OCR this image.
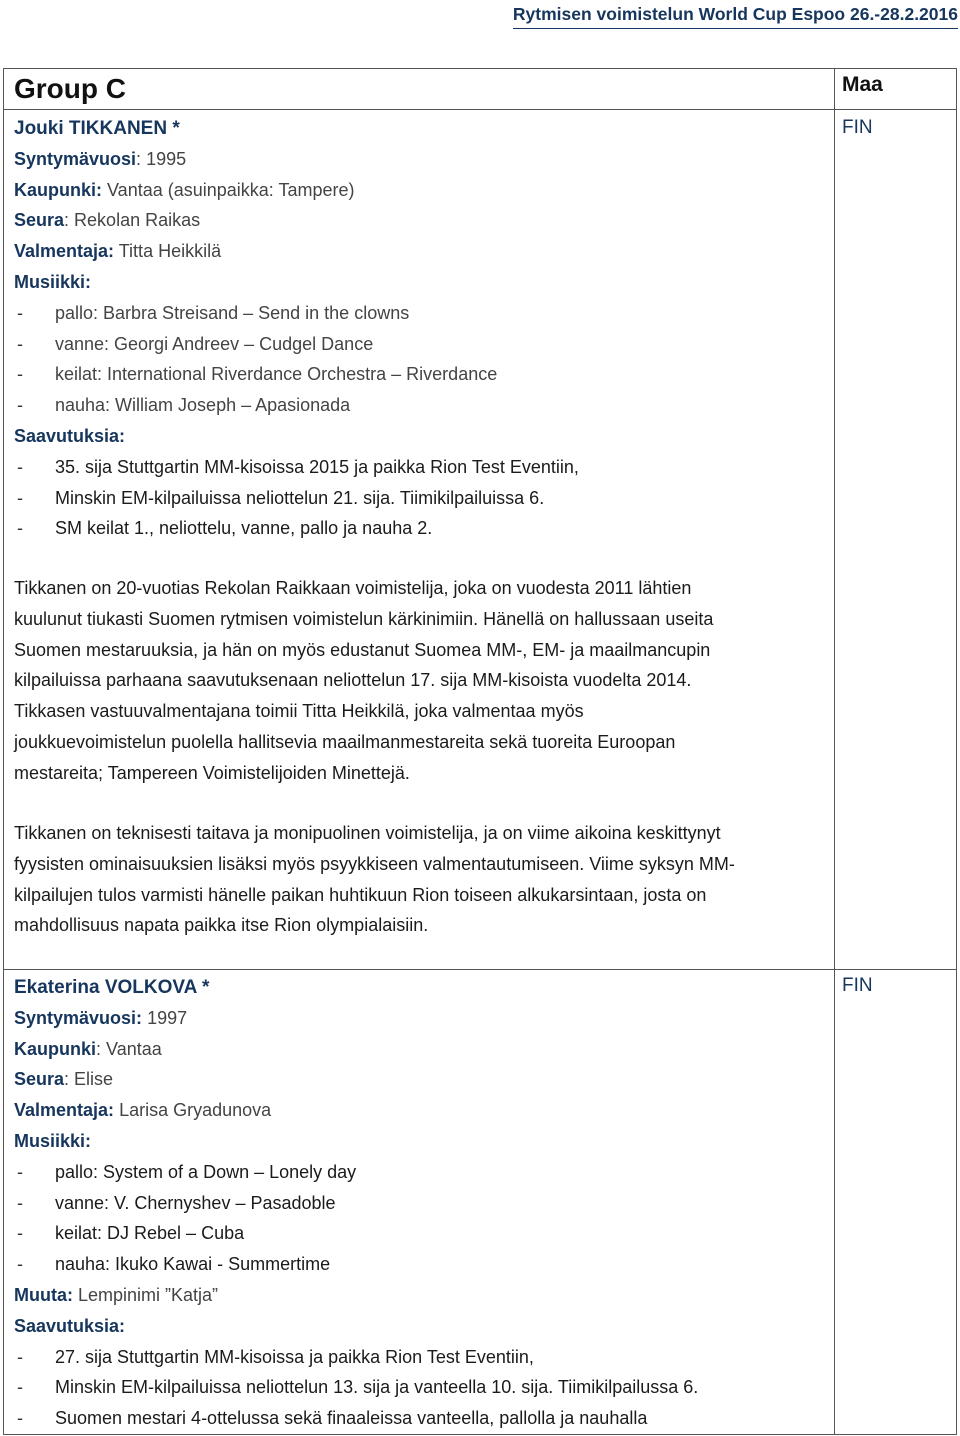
Rytmisen voimistelun World Cup Espoo 26.-28.2.2016
Group C	Maa
FIN
Jouki TIKKANEN *
Syntymävuosi: 1995
Kaupunki: Vantaa (asuinpaikka: Tampere)
Seura: Rekolan Raikas
Valmentaja: Titta Heikkilä
Musiikki:
- pallo: Barbra Streisand – Send in the clowns
- vanne: Georgi Andreev – Cudgel Dance
- keilat: International Riverdance Orchestra – Riverdance
- nauha: William Joseph – Apasionada
Saavutuksia:
- 35. sija Stuttgartin MM-kisoissa 2015 ja paikka Rion Test Eventiin,
- Minskin EM-kilpailuissa neliottelun 21. sija. Tiimikilpailuissa 6.
- SM keilat 1., neliottelu, vanne, pallo ja nauha 2.
Tikkanen on 20-vuotias Rekolan Raikkaan voimistelija, joka on vuodesta 2011 lähtien
kuulunut tiukasti Suomen rytmisen voimistelun kärkinimiin. Hänellä on hallussaan useita
Suomen mestaruuksia, ja hän on myös edustanut Suomea MM-, EM- ja maailmancupin
kilpailuissa parhaana saavutuksenaan neliottelun 17. sija MM-kisoista vuodelta 2014.
Tikkasen vastuuvalmentajana toimii Titta Heikkilä, joka valmentaa myös
joukkuevoimistelun puolella hallitsevia maailmanmestareita sekä tuoreita Euroopan
mestareita; Tampereen Voimistelijoiden Minettejä.
Tikkanen on teknisesti taitava ja monipuolinen voimistelija, ja on viime aikoina keskittynyt
fyysisten ominaisuuksien lisäksi myös psyykkiseen valmentautumiseen. Viime syksyn MM-
kilpailujen tulos varmisti hänelle paikan huhtikuun Rion toiseen alkukarsintaan, josta on
mahdollisuus napata paikka itse Rion olympialaisiin.
FIN
Ekaterina VOLKOVA *
Syntymävuosi: 1997
Kaupunki: Vantaa
Seura: Elise
Valmentaja: Larisa Gryadunova
Musiikki:
- pallo: System of a Down – Lonely day
- vanne: V. Chernyshev – Pasadoble
- keilat: DJ Rebel – Cuba
- nauha: Ikuko Kawai - Summertime
Muuta: Lempinimi ”Katja”
Saavutuksia:
- 27. sija Stuttgartin MM-kisoissa ja paikka Rion Test Eventiin,
- Minskin EM-kilpailuissa neliottelun 13. sija ja vanteella 10. sija. Tiimikilpailussa 6.
- Suomen mestari 4-ottelussa sekä finaaleissa vanteella, pallolla ja nauhalla
